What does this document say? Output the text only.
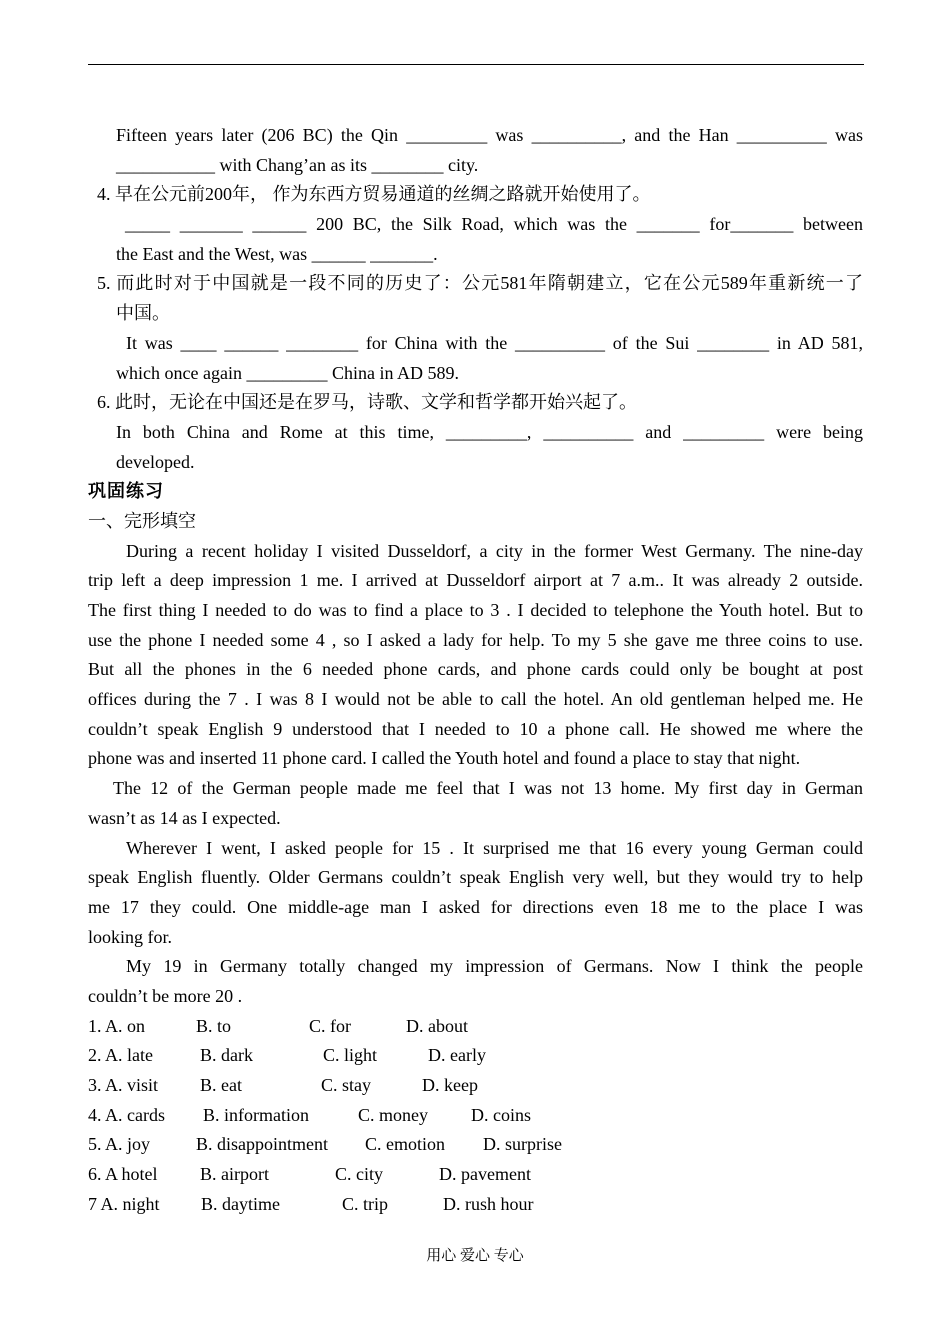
Fifteen years later (206 BC) the Qin _________ was __________, and the Han __________ was
___________ with Chang’an as its ________ city.
4. 早在公元前200年， 作为东西方贸易通道的丝绸之路就开始使用了。
_____ _______ ______ 200 BC, the Silk Road, which was the _______ for_______ between
the East and the West, was ______ _______.
5. 而此时对于中国就是一段不同的历史了：公元581年隋朝建立，它在公元589年重新统一了
中国。
It was ____ ______ ________ for China with the __________ of the Sui ________ in AD 581,
which once again _________ China in AD 589.
6. 此时，无论在中国还是在罗马，诗歌、文学和哲学都开始兴起了。
In both China and Rome at this time, _________, __________ and _________ were being
developed.
巩固练习
一、完形填空
During a recent holiday I visited Dusseldorf, a city in the former West Germany. The nine-day
trip left a deep impression 1 me. I arrived at Dusseldorf airport at 7 a.m.. It was already 2 outside.
The first thing I needed to do was to find a place to 3 . I decided to telephone the Youth hotel. But to
use the phone I needed some 4 , so I asked a lady for help. To my 5 she gave me three coins to use.
But all the phones in the 6 needed phone cards, and phone cards could only be bought at post
offices during the 7 . I was 8 I would not be able to call the hotel. An old gentleman helped me. He
couldn’t speak English 9 understood that I needed to 10 a phone call. He showed me where the
phone was and inserted 11 phone card. I called the Youth hotel and found a place to stay that night.
The 12 of the German people made me feel that I was not 13 home. My first day in German
wasn’t as 14 as I expected.
Wherever I went, I asked people for 15 . It surprised me that 16 every young German could
speak English fluently. Older Germans couldn’t speak English very well, but they would try to help
me 17 they could. One middle-age man I asked for directions even 18 me to the place I was
looking for.
My 19 in Germany totally changed my impression of Germans. Now I think the people
couldn’t be more 20 .
1. A. on	B. to	C. for	D. about
2. A. late	B. dark	C. light	D. early
3. A. visit	B. eat	C. stay	D. keep
4. A. cards	B. information	C. money	D. coins
5. A. joy	B. disappointment	C. emotion	D. surprise
6. A hotel	B. airport	C. city	D. pavement
7 A. night	B. daytime	C. trip	D. rush hour
用心 爱心 专心
